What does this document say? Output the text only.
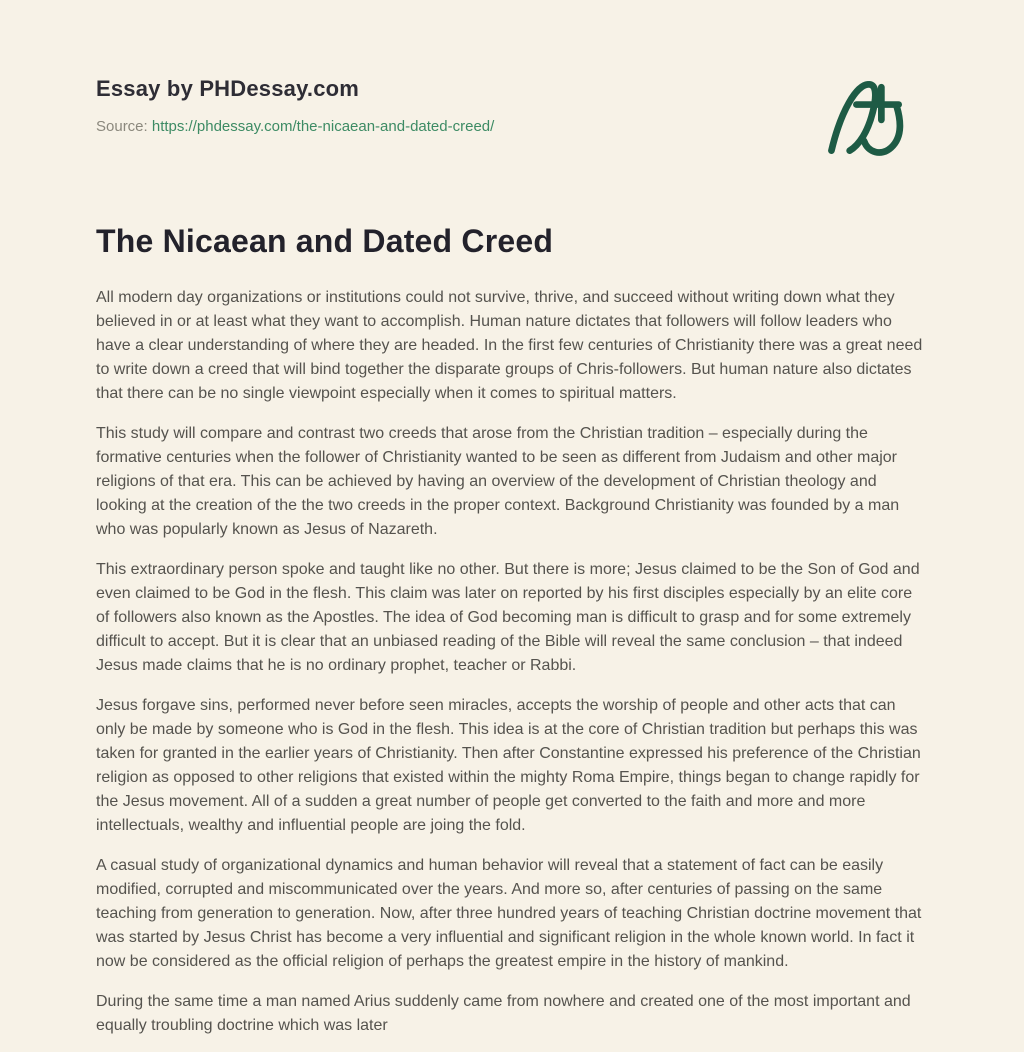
Essay by PHDessay.com
Source: https://phdessay.com/the-nicaean-and-dated-creed/
The Nicaean and Dated Creed

All modern day organizations or institutions could not survive, thrive, and succeed without writing down what they believed in or at least what they want to accomplish. Human nature dictates that followers will follow leaders who have a clear understanding of where they are headed. In the first few centuries of Christianity there was a great need to write down a creed that will bind together the disparate groups of Chris-followers. But human nature also dictates that there can be no single viewpoint especially when it comes to spiritual matters.

This study will compare and contrast two creeds that arose from the Christian tradition – especially during the formative centuries when the follower of Christianity wanted to be seen as different from Judaism and other major religions of that era. This can be achieved by having an overview of the development of Christian theology and looking at the creation of the the two creeds in the proper context. Background Christianity was founded by a man who was popularly known as Jesus of Nazareth.

This extraordinary person spoke and taught like no other. But there is more; Jesus claimed to be the Son of God and even claimed to be God in the flesh. This claim was later on reported by his first disciples especially by an elite core of followers also known as the Apostles. The idea of God becoming man is difficult to grasp and for some extremely difficult to accept. But it is clear that an unbiased reading of the Bible will reveal the same conclusion – that indeed Jesus made claims that he is no ordinary prophet, teacher or Rabbi.

Jesus forgave sins, performed never before seen miracles, accepts the worship of people and other acts that can only be made by someone who is God in the flesh. This idea is at the core of Christian tradition but perhaps this was taken for granted in the earlier years of Christianity. Then after Constantine expressed his preference of the Christian religion as opposed to other religions that existed within the mighty Roma Empire, things began to change rapidly for the Jesus movement. All of a sudden a great number of people get converted to the faith and more and more intellectuals, wealthy and influential people are joing the fold.

A casual study of organizational dynamics and human behavior will reveal that a statement of fact can be easily modified, corrupted and miscommunicated over the years. And more so, after centuries of passing on the same teaching from generation to generation. Now, after three hundred years of teaching Christian doctrine movement that was started by Jesus Christ has become a very influential and significant religion in the whole known world. In fact it now be considered as the official religion of perhaps the greatest empire in the history of mankind.

During the same time a man named Arius suddenly came from nowhere and created one of the most important and equally troubling doctrine which was later
